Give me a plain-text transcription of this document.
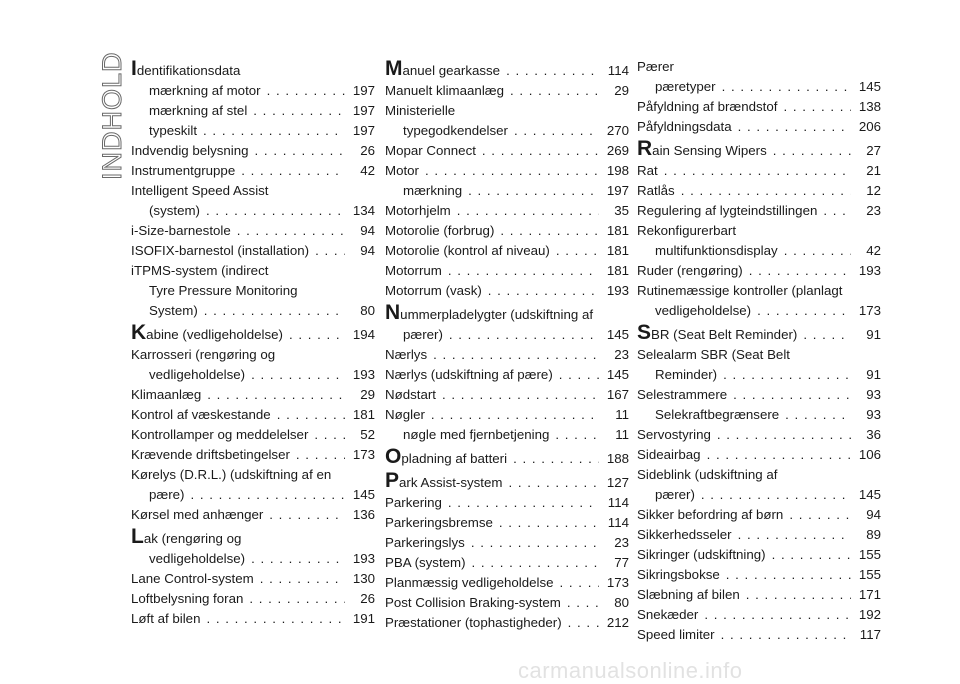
INDHOLD Identifikationsdata
mærkning af motor . . .	197
mærkning af stel . . .	197
typeskilt . . .	197
Indvendig belysning . . .	26
Instrumentgruppe . . .	42
Intelligent Speed Assist
(system) . . .	134
i-Size-barnestole . . .	94
ISOFIX-barnestol (installation) . . .	94
iTPMS-system (indirect
Tyre Pressure Monitoring
System) . . .	80
Kabine (vedligeholdelse) . . .	194
Karrosseri (rengøring og
vedligeholdelse) . . .	193
Klimaanlæg . . .	29
Kontrol af væskestande . . .	181
Kontrollamper og meddelelser . . .	52
Krævende driftsbetingelser . . .	173
Kørelys (D.R.L.) (udskiftning af en
pære) . . .	145
Kørsel med anhænger . . .	136
Lak (rengøring og
vedligeholdelse) . . .	193
Lane Control-system . . .	130
Loftbelysning foran . . .	26
Løft af bilen . . .	191
Manuel gearkasse . . .	114
Manuelt klimaanlæg . . .	29
Ministerielle
typegodkendelser . . .	270
Mopar Connect . . .	269
Motor . . .	198
mærkning . . .	197
Motorhjelm . . .	35
Motorolie (forbrug) . . .	181
Motorolie (kontrol af niveau) . . .	181
Motorrum . . .	181
Motorrum (vask) . . .	193
Nummerpladelygter (udskiftning af
pærer) . . .	145
Nærlys . . .	23
Nærlys (udskiftning af pære) . . .	145
Nødstart . . .	167
Nøgler . . .	11
nøgle med fjernbetjening . . .	11
Opladning af batteri . . .	188
Park Assist-system . . .	127
Parkering . . .	114
Parkeringsbremse . . .	114
Parkeringslys . . .	23
PBA (system) . . .	77
Planmæssig vedligeholdelse . . .	173
Post Collision Braking-system . . .	80
Præstationer (tophastigheder) . . .	212
Pærer
pæretyper . . .	145
Påfyldning af brændstof . . .	138
Påfyldningsdata . . .	206
Rain Sensing Wipers . . .	27
Rat . . .	21
Ratlås . . .	12
Regulering af lygteindstillingen . . .	23
Rekonfigurerbart
multifunktionsdisplay . . .	42
Ruder (rengøring) . . .	193
Rutinemæssige kontroller (planlagt
vedligeholdelse) . . .	173
SBR (Seat Belt Reminder) . . .	91
Selealarm SBR (Seat Belt
Reminder) . . .	91
Selestrammere . . .	93
Selekraftbegrænsere . . .	93
Servostyring . . .	36
Sideairbag . . .	106
Sideblink (udskiftning af
pærer) . . .	145
Sikker befordring af børn . . .	94
Sikkerhedsseler . . .	89
Sikringer (udskiftning) . . .	155
Sikringsbokse . . .	155
Slæbning af bilen . . .	171
Snekæder . . .	192
Speed limiter . . .	117
carmanualsonline.info
